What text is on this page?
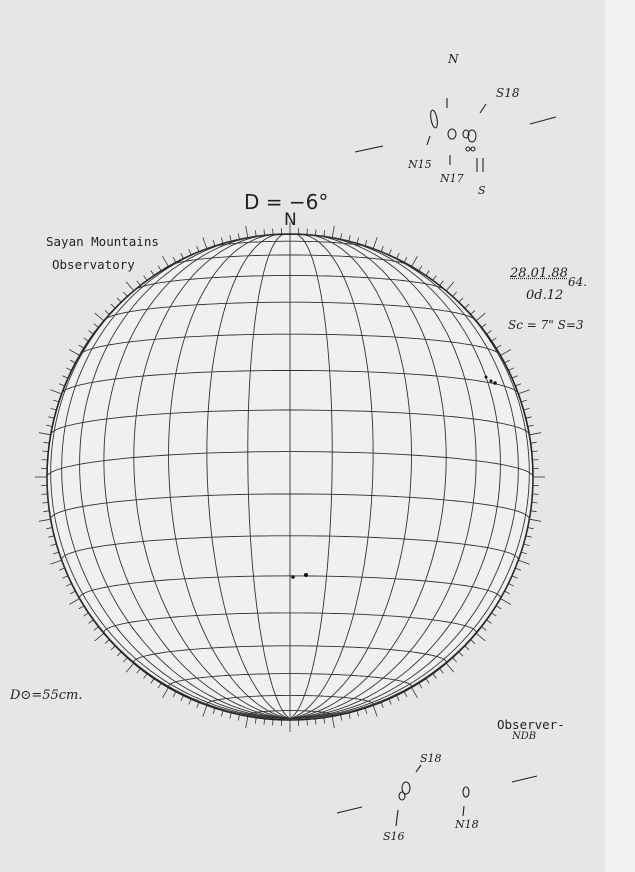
D = −6°
N
Sayan Mountains
Observatory
28.01.88
64.
0d.12
Sc = 7" S=3
D⊙=55cm.
Observer-
NDB
N
S18
N15
N17
S
S18
S16
N18
